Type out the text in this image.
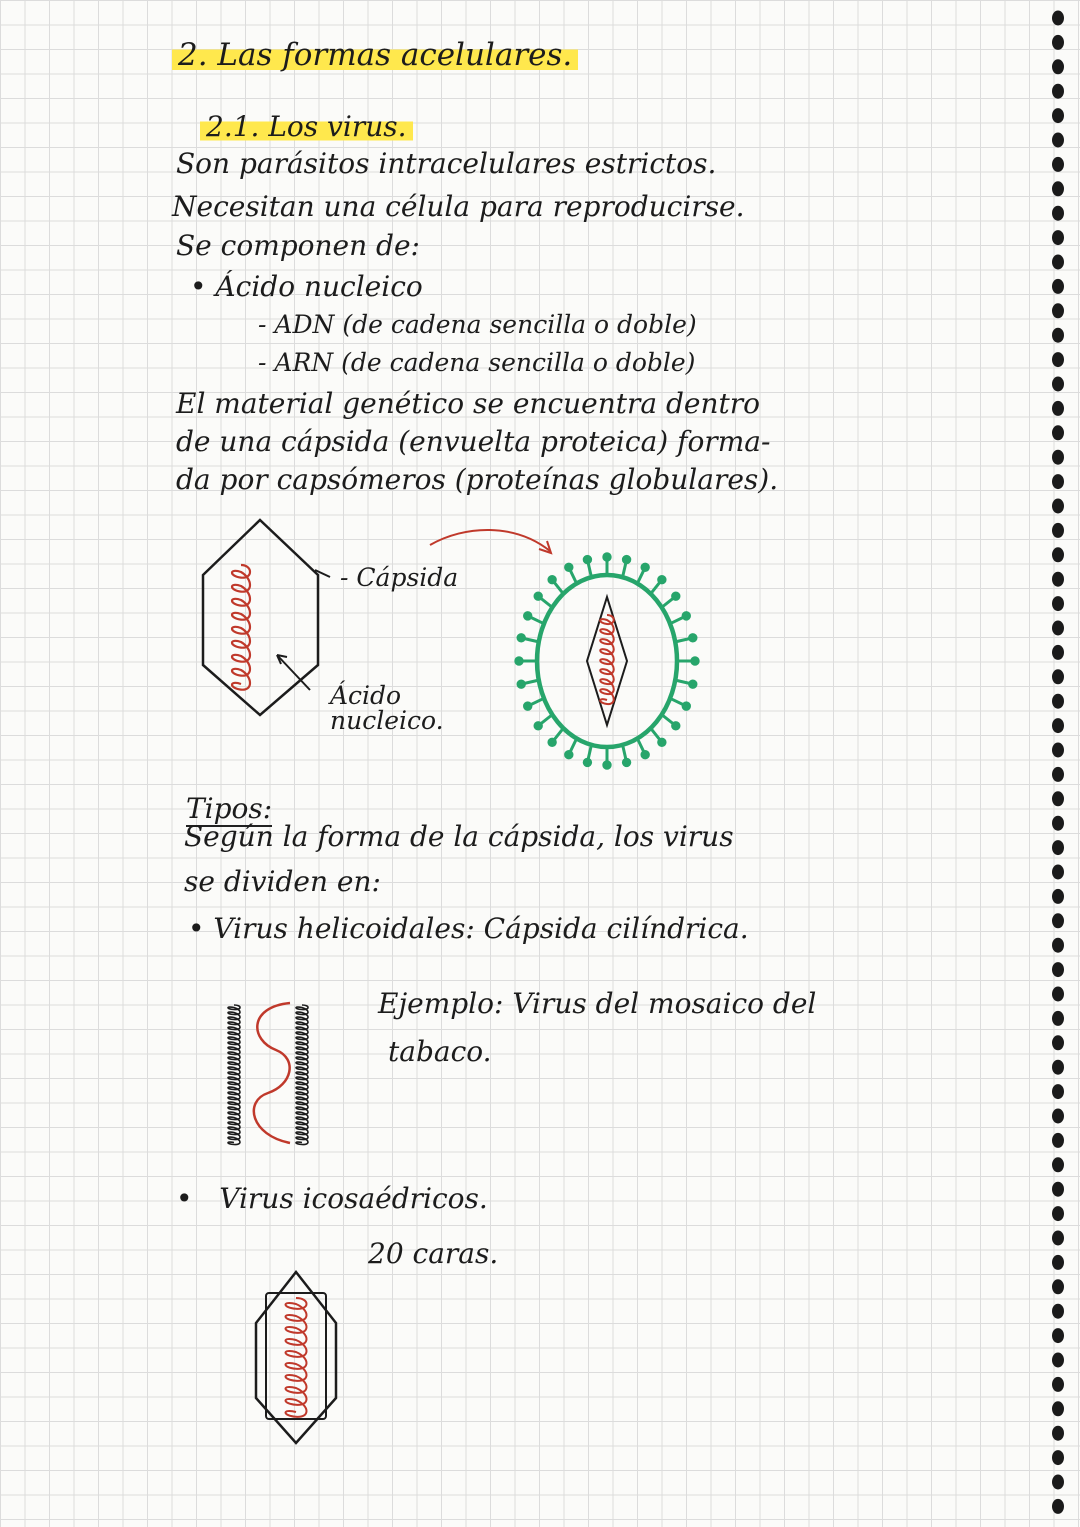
2. Las formas acelulares.
2.1. Los virus.
Son parásitos intracelulares estrictos.
Necesitan una célula para reproducirse.
Se componen de:
• Ácido nucleico
- ADN (de cadena sencilla o doble)
- ARN (de cadena sencilla o doble)
El material genético se encuentra dentro
de una cápsida (envuelta proteica) forma-
da por capsómeros (proteínas globulares).
- Cápsida
Ácido
nucleico.
Tipos:
Según la forma de la cápsida, los virus
se dividen en:
• Virus helicoidales: Cápsida cilíndrica.
Ejemplo: Virus del mosaico del
tabaco.
•   Virus icosaédricos.
20 caras.
